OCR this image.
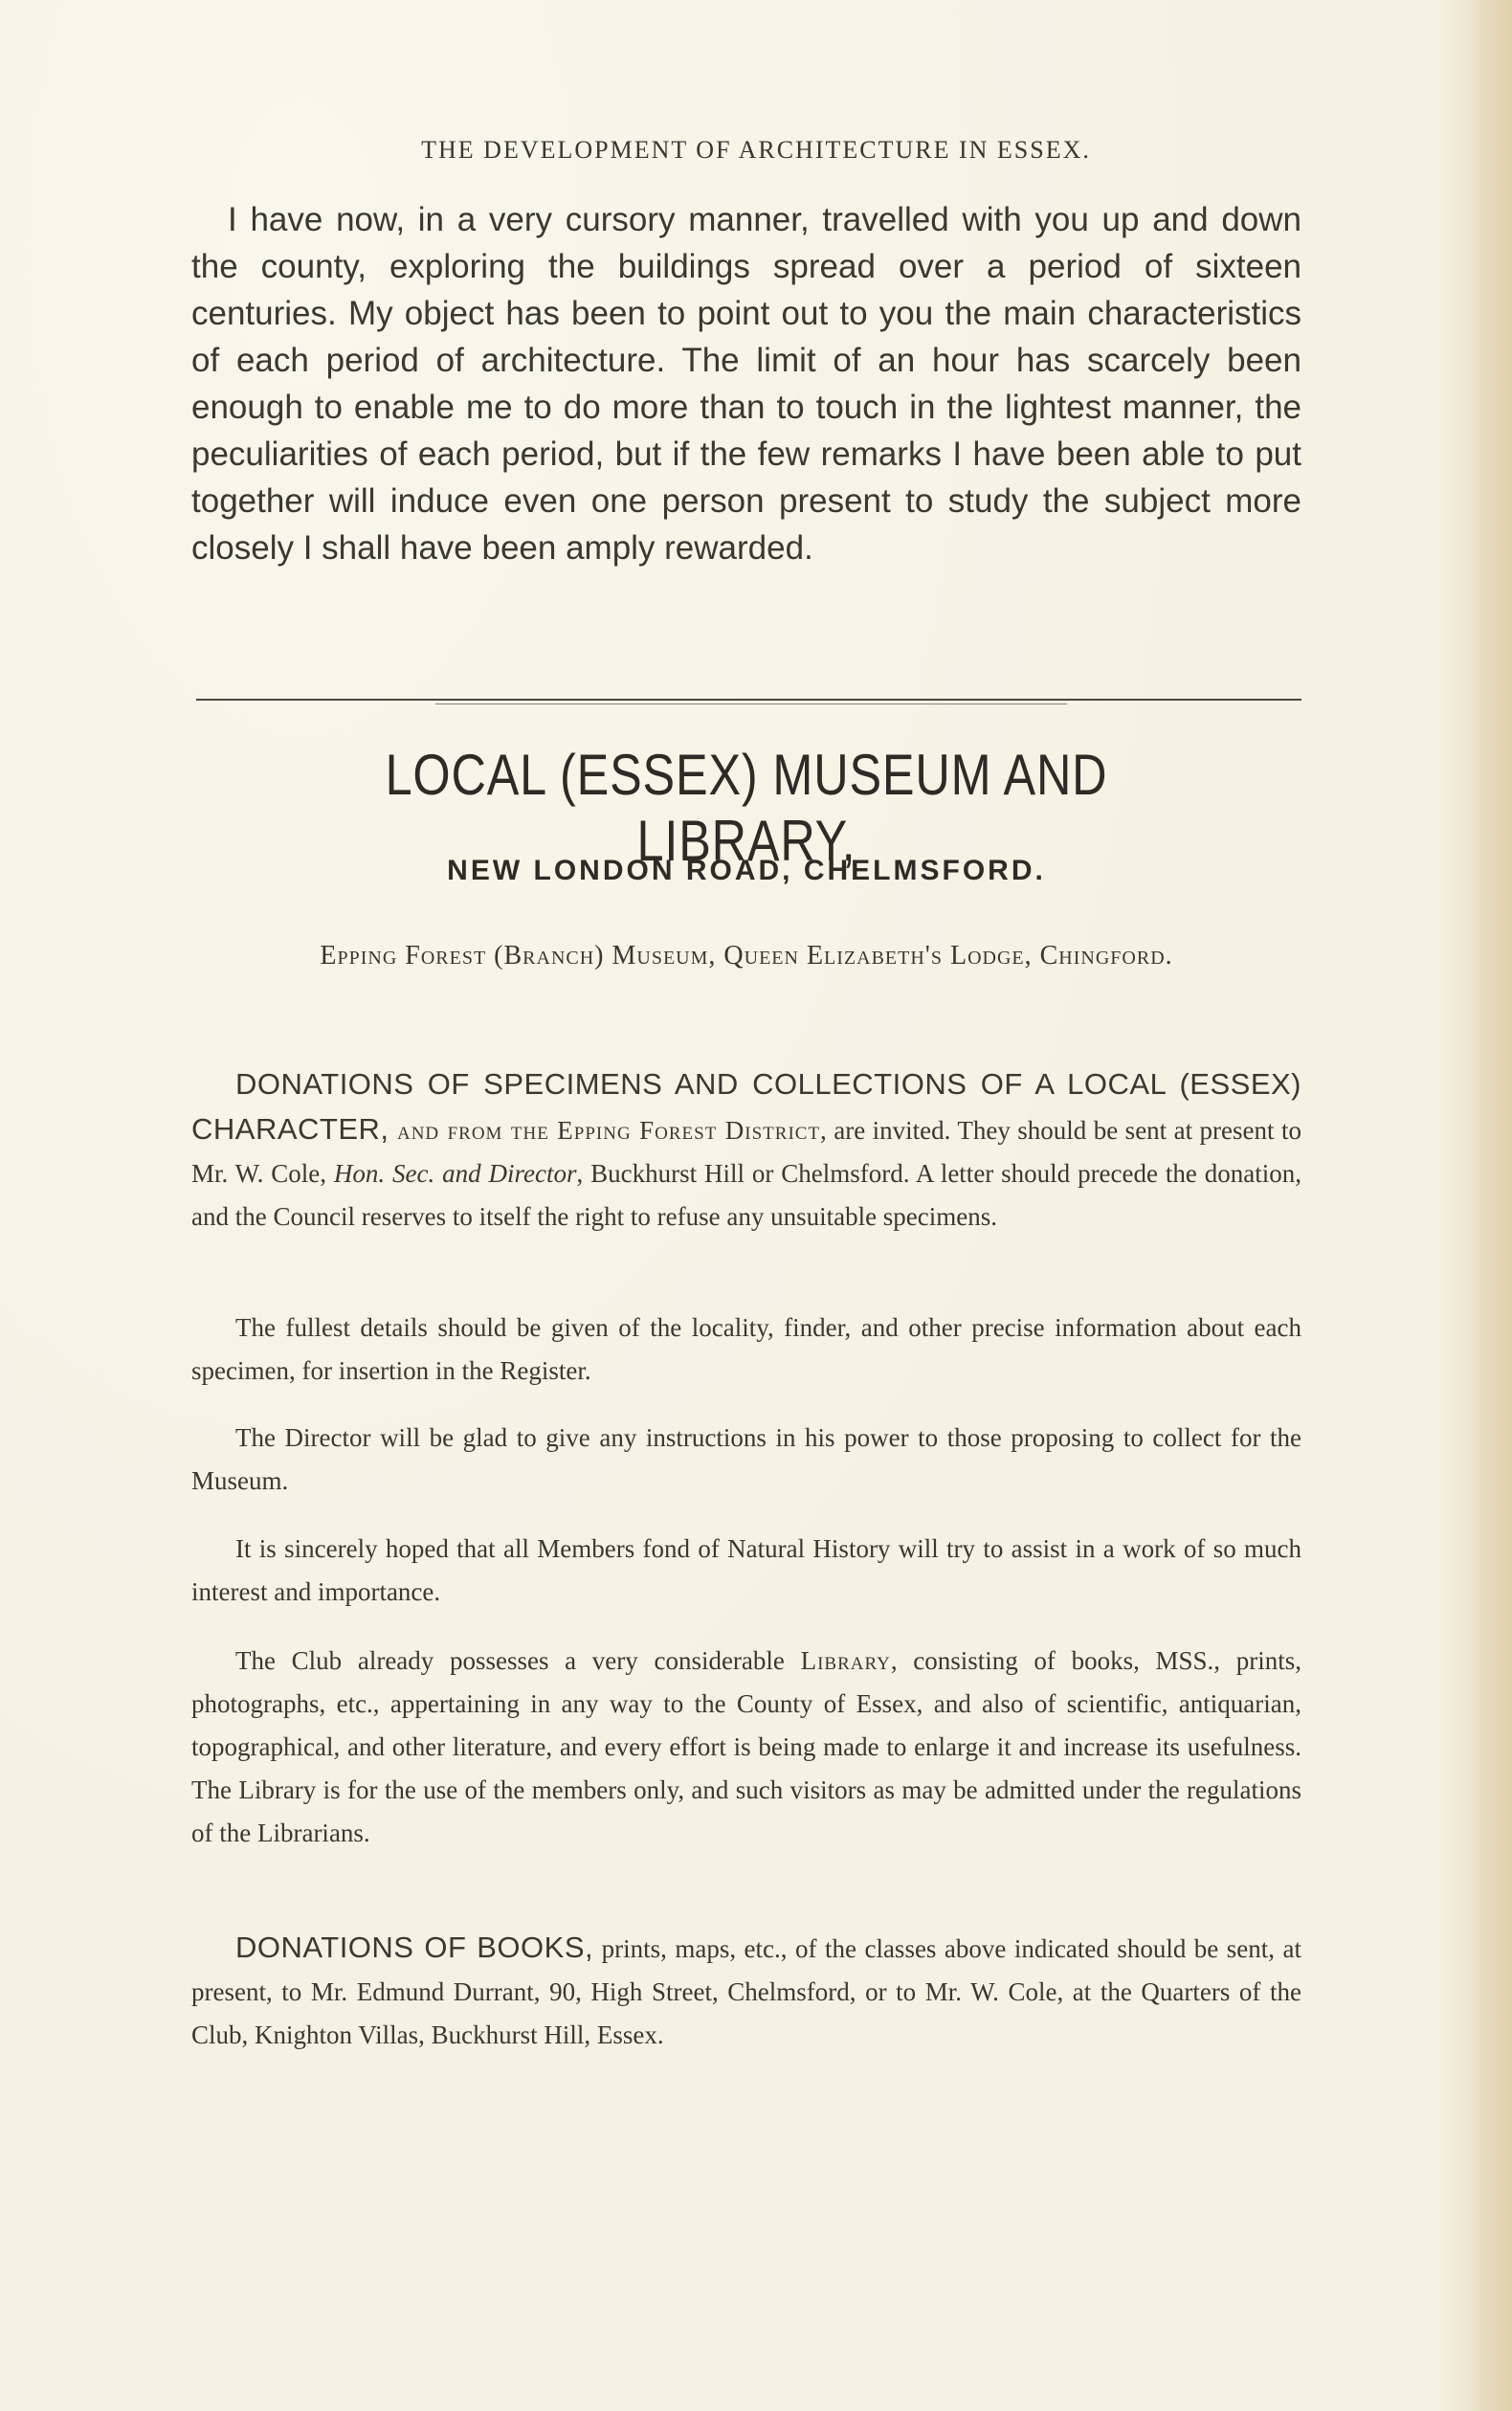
THE DEVELOPMENT OF ARCHITECTURE IN ESSEX.

I have now, in a very cursory manner, travelled with you up and down the county, exploring the buildings spread over a period of sixteen centuries. My object has been to point out to you the main characteristics of each period of architecture. The limit of an hour has scarcely been enough to enable me to do more than to touch in the lightest manner, the peculiarities of each period, but if the few remarks I have been able to put together will induce even one person present to study the subject more closely I shall have been amply rewarded.

LOCAL (ESSEX) MUSEUM AND LIBRARY,
NEW LONDON ROAD, CHELMSFORD.
Epping Forest (Branch) Museum, Queen Elizabeth's Lodge, Chingford.

DONATIONS OF SPECIMENS AND COLLECTIONS OF A LOCAL (ESSEX) CHARACTER, and from the Epping Forest District, are invited. They should be sent at present to Mr. W. Cole, Hon. Sec. and Director, Buckhurst Hill or Chelmsford. A letter should precede the donation, and the Council reserves to itself the right to refuse any unsuitable specimens.

The fullest details should be given of the locality, finder, and other precise information about each specimen, for insertion in the Register.

The Director will be glad to give any instructions in his power to those proposing to collect for the Museum.

It is sincerely hoped that all Members fond of Natural History will try to assist in a work of so much interest and importance.

The Club already possesses a very considerable Library, consisting of books, MSS., prints, photographs, etc., appertaining in any way to the County of Essex, and also of scientific, antiquarian, topographical, and other literature, and every effort is being made to enlarge it and increase its usefulness. The Library is for the use of the members only, and such visitors as may be admitted under the regulations of the Librarians.

DONATIONS OF BOOKS, prints, maps, etc., of the classes above indicated should be sent, at present, to Mr. Edmund Durrant, 90, High Street, Chelmsford, or to Mr. W. Cole, at the Quarters of the Club, Knighton Villas, Buckhurst Hill, Essex.
